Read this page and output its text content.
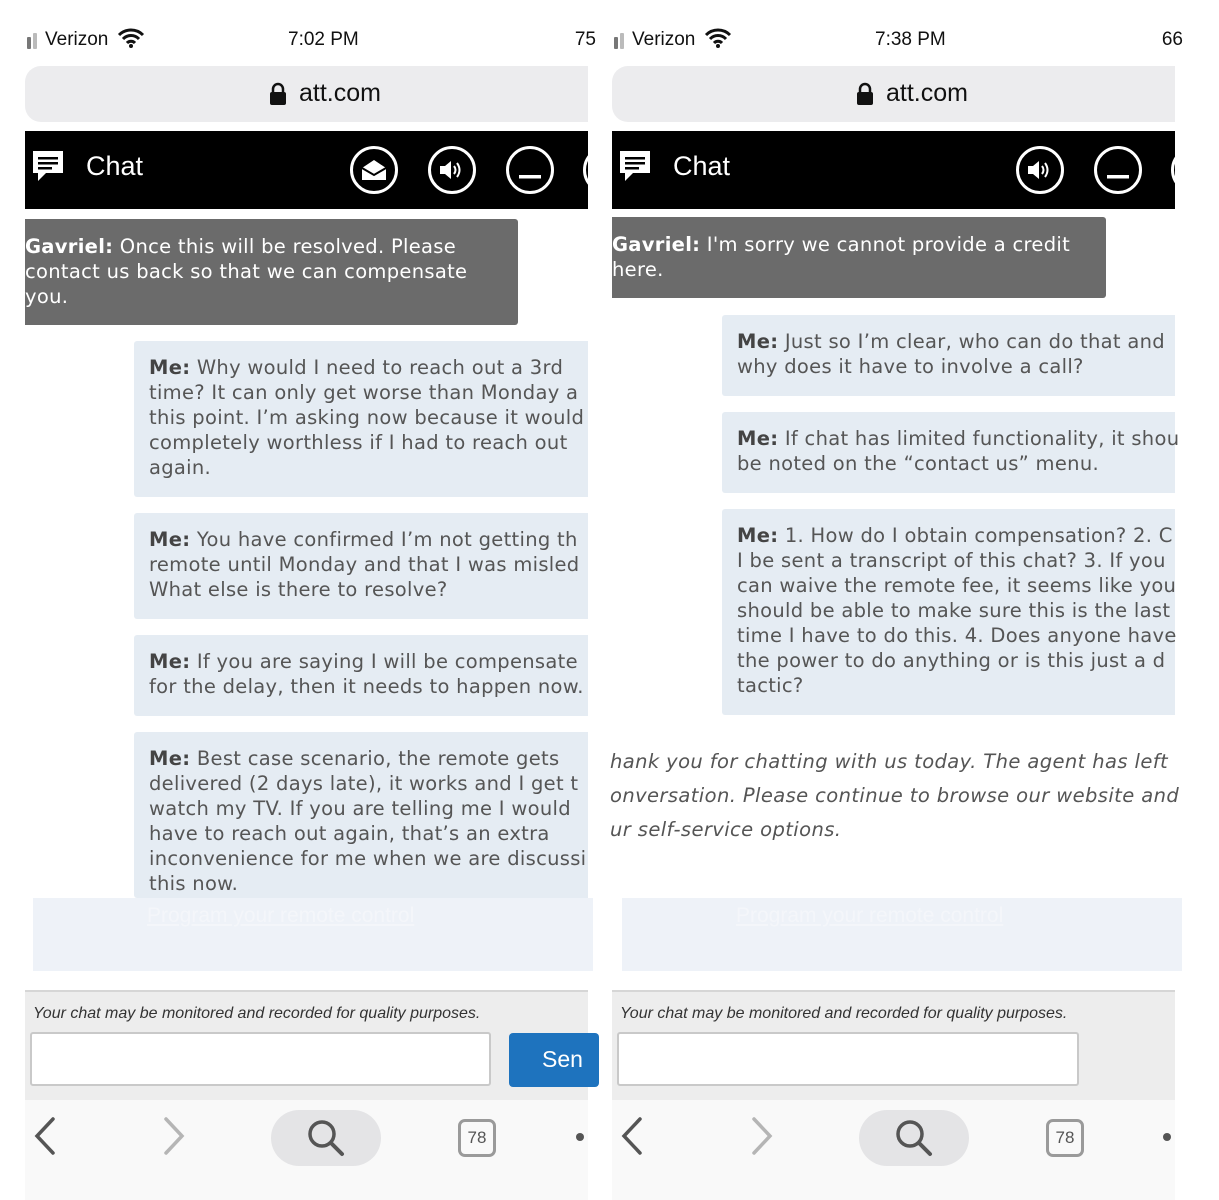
Verizon	7:02 PM	75
att.com
Chat
Gavriel: Once this will be resolved. Please
contact us back so that we can compensate
you.
Me: Why would I need to reach out a 3rd
time? It can only get worse than Monday a
this point. I’m asking now because it would
completely worthless if I had to reach out
again.
Me: You have confirmed I’m not getting th
remote until Monday and that I was misled
What else is there to resolve?
Me: If you are saying I will be compensate
for the delay, then it needs to happen now.
Me: Best case scenario, the remote gets
delivered (2 days late), it works and I get t
watch my TV. If you are telling me I would
have to reach out again, that’s an extra
inconvenience for me when we are discussi
this now.
Program your remote control
Your chat may be monitored and recorded for quality purposes.
Sen
78
Verizon	7:38 PM	66
att.com
Chat
Gavriel: I'm sorry we cannot provide a credit
here.
Me: Just so I’m clear, who can do that and
why does it have to involve a call?
Me: If chat has limited functionality, it shou
be noted on the “contact us” menu.
Me: 1. How do I obtain compensation? 2. C
I be sent a transcript of this chat? 3. If you
can waive the remote fee, it seems like you
should be able to make sure this is the last
time I have to do this. 4. Does anyone have
the power to do anything or is this just a d
tactic?
hank you for chatting with us today. The agent has left
onversation. Please continue to browse our website and
ur self-service options.
Program your remote control
Your chat may be monitored and recorded for quality purposes.
78
